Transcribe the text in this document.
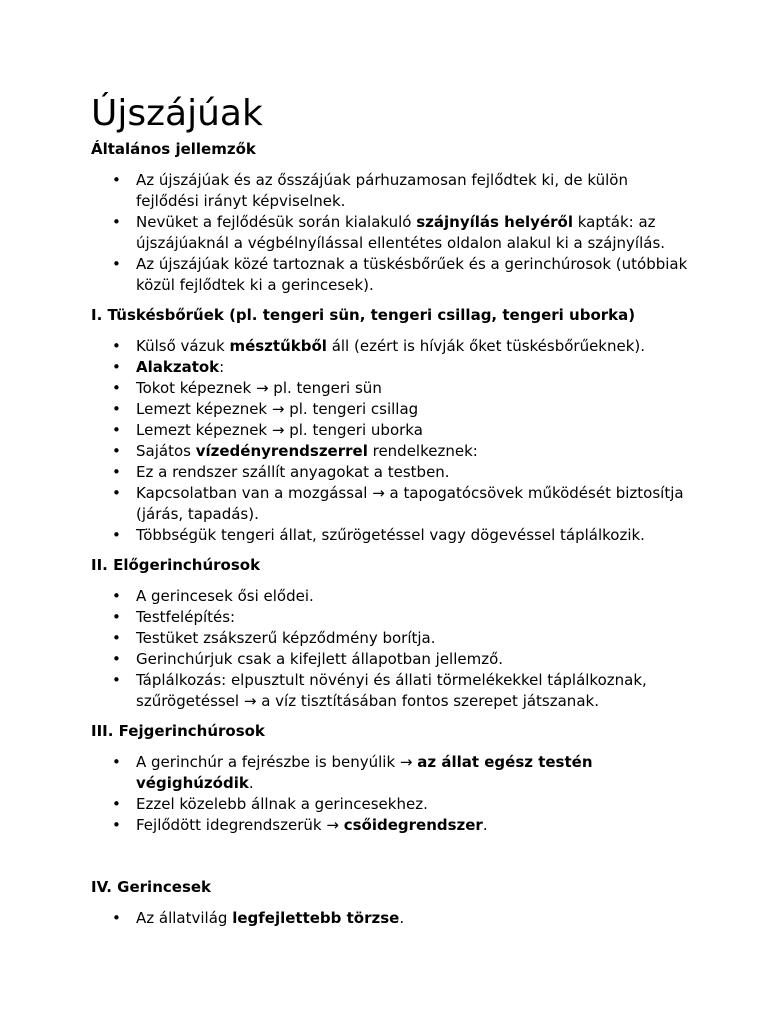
Újszájúak
Általános jellemzők
• Az újszájúak és az ősszájúak párhuzamosan fejlődtek ki, de külön fejlődési irányt képviselnek.
• Nevüket a fejlődésük során kialakuló szájnyílás helyéről kapták: az újszájúaknál a végbélnyílással ellentétes oldalon alakul ki a szájnyílás.
• Az újszájúak közé tartoznak a tüskésbőrűek és a gerinchúrosok (utóbbiak közül fejlődtek ki a gerincesek).
I. Tüskésbőrűek (pl. tengeri sün, tengeri csillag, tengeri uborka)
• Külső vázuk mésztűkből áll (ezért is hívják őket tüskésbőrűeknek).
• Alakzatok:
• Tokot képeznek → pl. tengeri sün
• Lemezt képeznek → pl. tengeri csillag
• Lemezt képeznek → pl. tengeri uborka
• Sajátos vízedényrendszerrel rendelkeznek:
• Ez a rendszer szállít anyagokat a testben.
• Kapcsolatban van a mozgással → a tapogatócsövek működését biztosítja (járás, tapadás).
• Többségük tengeri állat, szűrögetéssel vagy dögevéssel táplálkozik.
II. Előgerinchúrosok
• A gerincesek ősi elődei.
• Testfelépítés:
• Testüket zsákszerű képződmény borítja.
• Gerinchúrjuk csak a kifejlett állapotban jellemző.
• Táplálkozás: elpusztult növényi és állati törmelékekkel táplálkoznak, szűrögetéssel → a víz tisztításában fontos szerepet játszanak.
III. Fejgerinchúrosok
• A gerinchúr a fejrészbe is benyúlik → az állat egész testén végighúzódik.
• Ezzel közelebb állnak a gerincesekhez.
• Fejlődött idegrendszerük → csőidegrendszer.
IV. Gerincesek
• Az állatvilág legfejlettebb törzse.
